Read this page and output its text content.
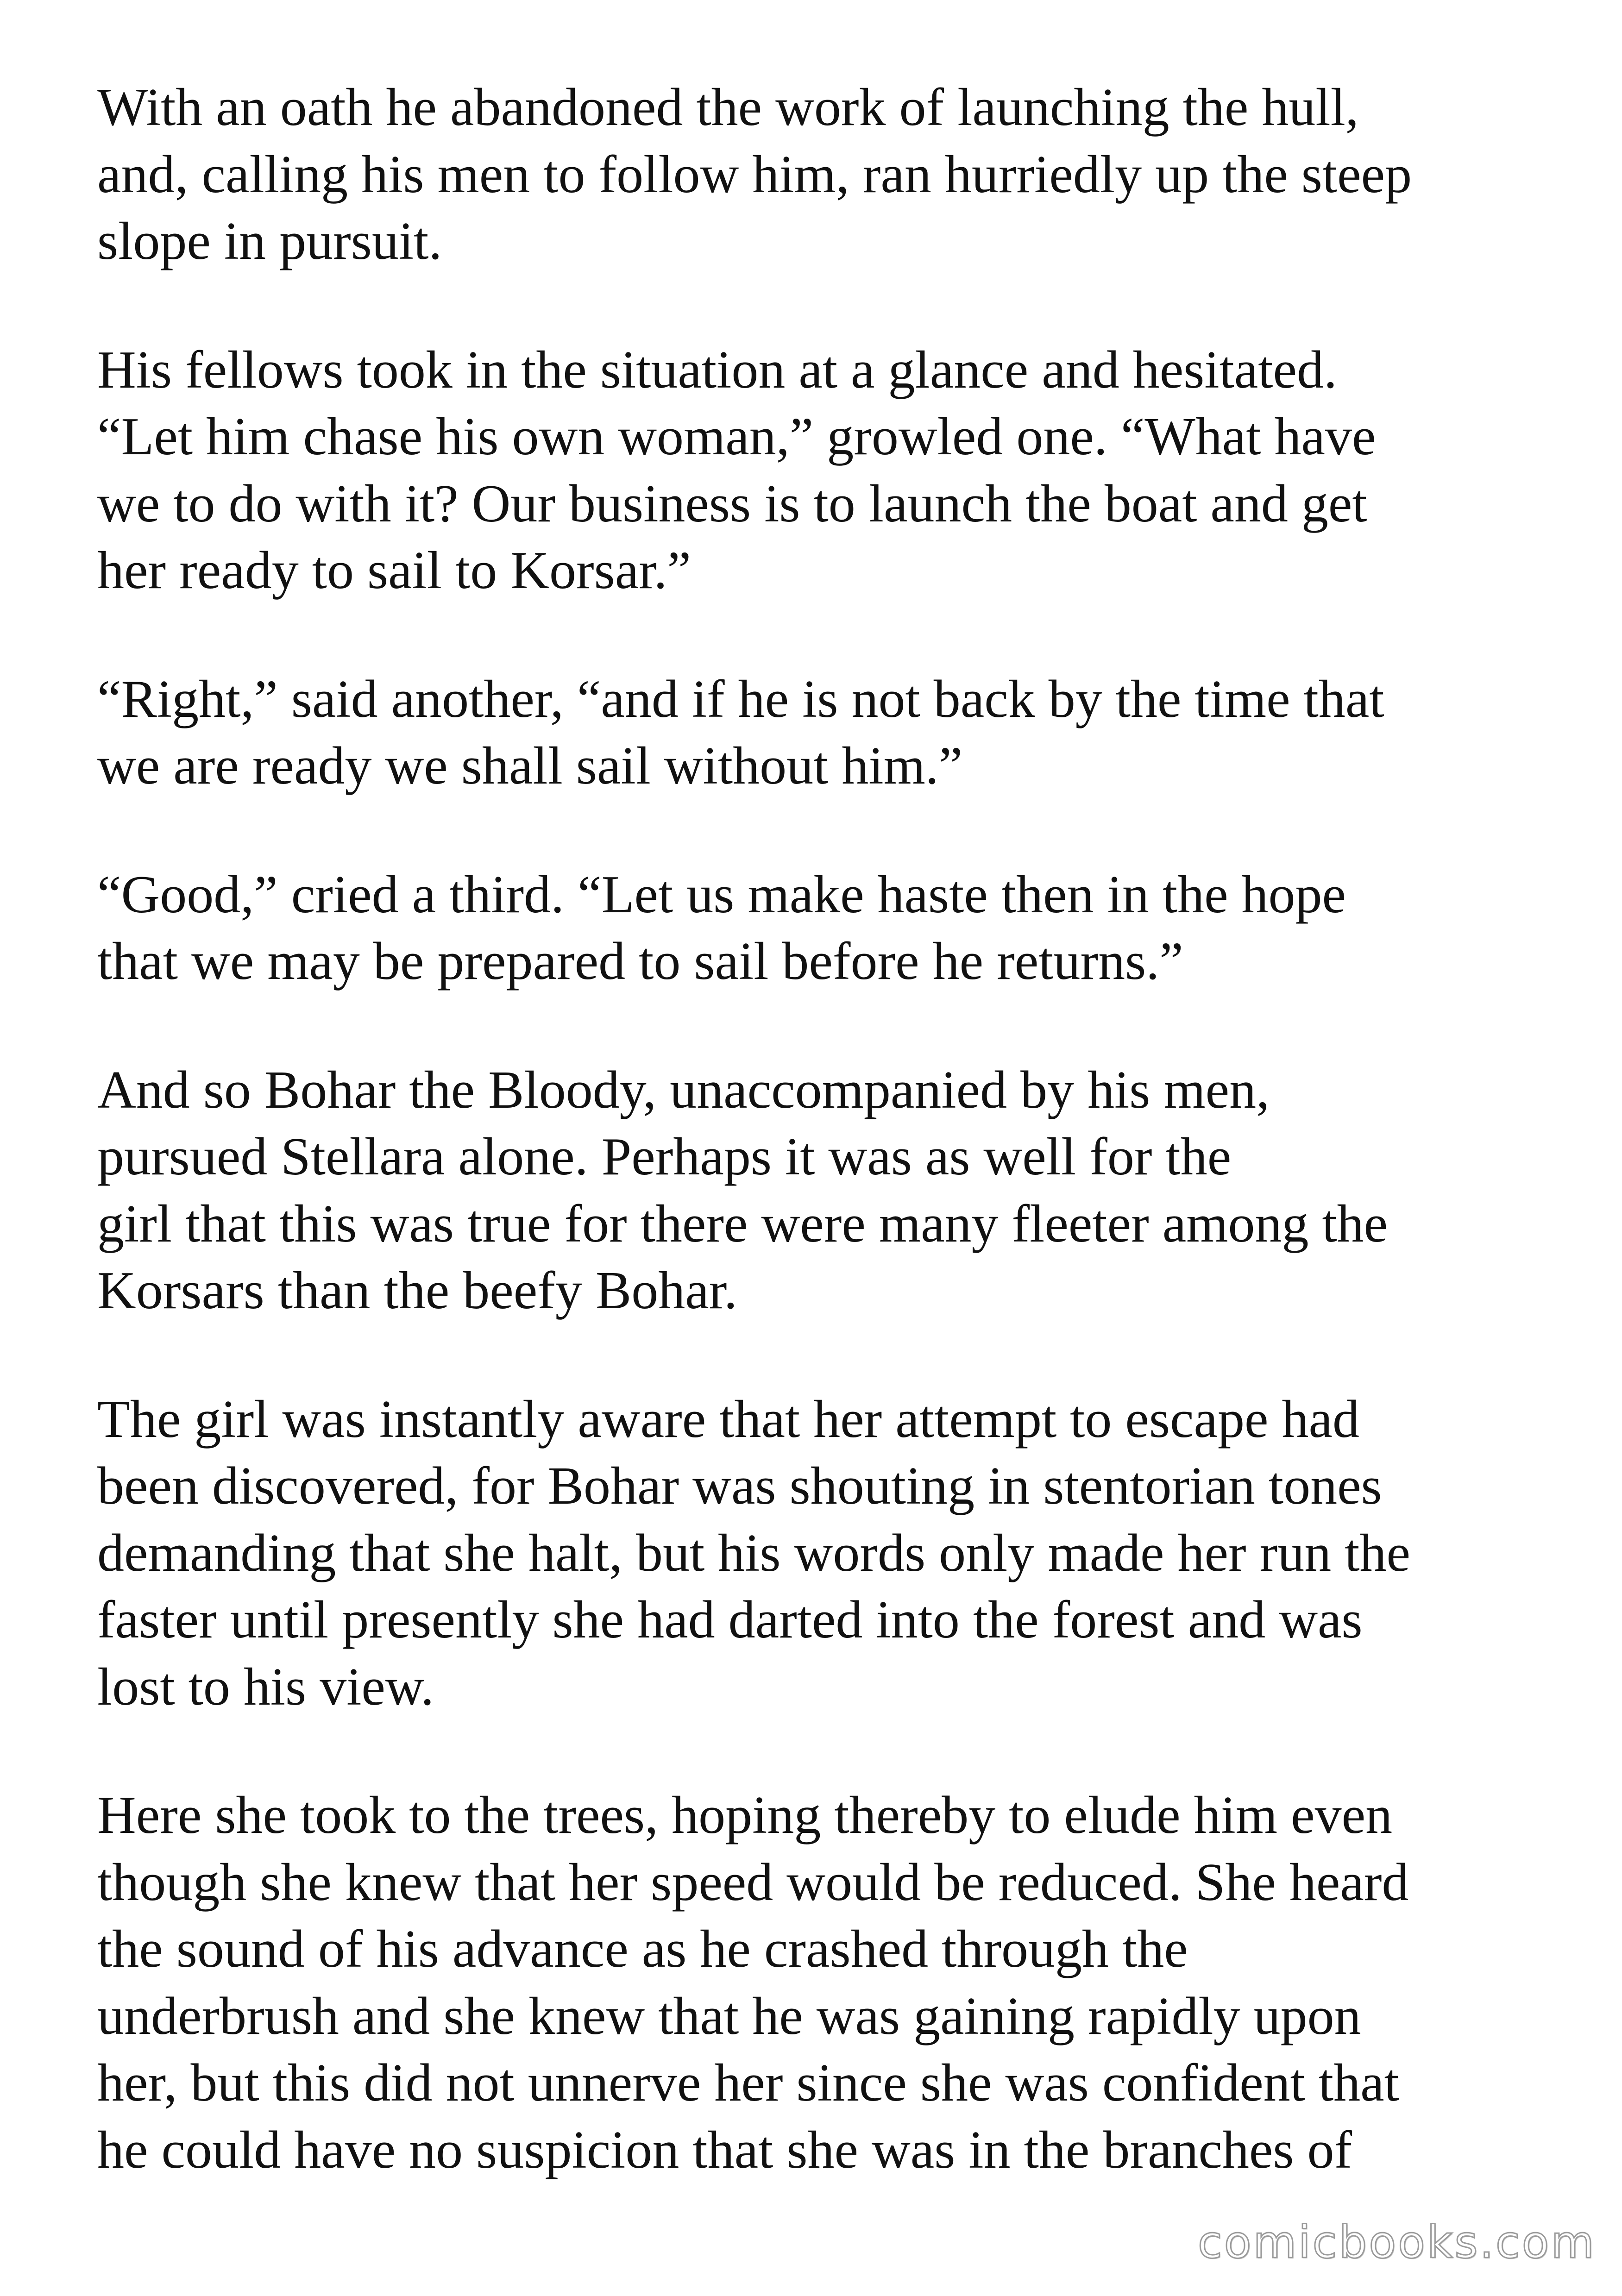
With an oath he abandoned the work of launching the hull,
and, calling his men to follow him, ran hurriedly up the steep
slope in pursuit.

His fellows took in the situation at a glance and hesitated.
“Let him chase his own woman,” growled one. “What have
we to do with it? Our business is to launch the boat and get
her ready to sail to Korsar.”

“Right,” said another, “and if he is not back by the time that
we are ready we shall sail without him.”

“Good,” cried a third. “Let us make haste then in the hope
that we may be prepared to sail before he returns.”

And so Bohar the Bloody, unaccompanied by his men,
pursued Stellara alone. Perhaps it was as well for the
girl that this was true for there were many fleeter among the
Korsars than the beefy Bohar.

The girl was instantly aware that her attempt to escape had
been discovered, for Bohar was shouting in stentorian tones
demanding that she halt, but his words only made her run the
faster until presently she had darted into the forest and was
lost to his view.

Here she took to the trees, hoping thereby to elude him even
though she knew that her speed would be reduced. She heard
the sound of his advance as he crashed through the
underbrush and she knew that he was gaining rapidly upon
her, but this did not unnerve her since she was confident that
he could have no suspicion that she was in the branches of

comicbooks.com
